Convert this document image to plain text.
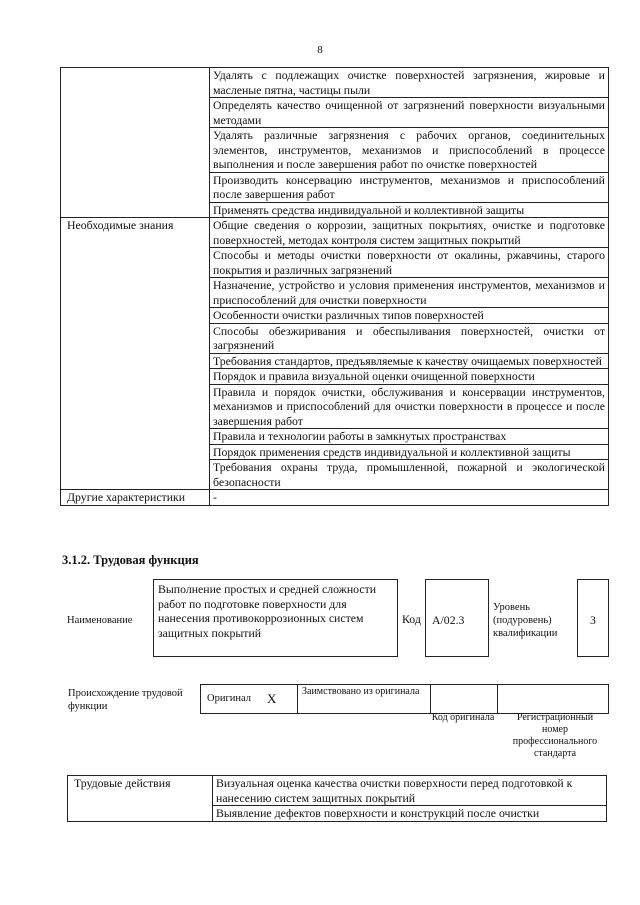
8
	Удалять с подлежащих очистке поверхностей загрязнения, жировые и масленые пятна, частицы пыли
	Определять качество очищенной от загрязнений поверхности визуальными методами
	Удалять различные загрязнения с рабочих органов, соединительных элементов, инструментов, механизмов и приспособлений в процессе выполнения и после завершения работ по очистке поверхностей
	Производить консервацию инструментов, механизмов и приспособлений после завершения работ
	Применять средства индивидуальной и коллективной защиты
Необходимые знания	Общие сведения о коррозии, защитных покрытиях, очистке и подготовке поверхностей, методах контроля систем защитных покрытий
	Способы и методы очистки поверхности от окалины, ржавчины, старого покрытия и различных загрязнений
	Назначение, устройство и условия применения инструментов, механизмов и приспособлений для очистки поверхности
	Особенности очистки различных типов поверхностей
	Способы обезжиривания и обеспыливания поверхностей, очистки от загрязнений
	Требования стандартов, предъявляемые к качеству очищаемых поверхностей
	Порядок и правила визуальной оценки очищенной поверхности
	Правила и порядок очистки, обслуживания и консервации инструментов, механизмов и приспособлений для очистки поверхности в процессе и после завершения работ
	Правила и технологии работы в замкнутых пространствах
	Порядок применения средств индивидуальной и коллективной защиты
	Требования охраны труда, промышленной, пожарной и экологической безопасности
Другие характеристики	-
3.1.2. Трудовая функция
Наименование
Выполнение простых и средней сложности работ по подготовке поверхности для нанесения противокоррозионных систем защитных покрытий
Код А/02.3
Уровень (подуровень) квалификации
3
Происхождение трудовой функции
Оригинал Х	Заимствовано из оригинала
Код оригинала	Регистрационный номер профессионального стандарта
Трудовые действия	Визуальная оценка качества очистки поверхности перед подготовкой к нанесению систем защитных покрытий
Выявление дефектов поверхности и конструкций после очистки
